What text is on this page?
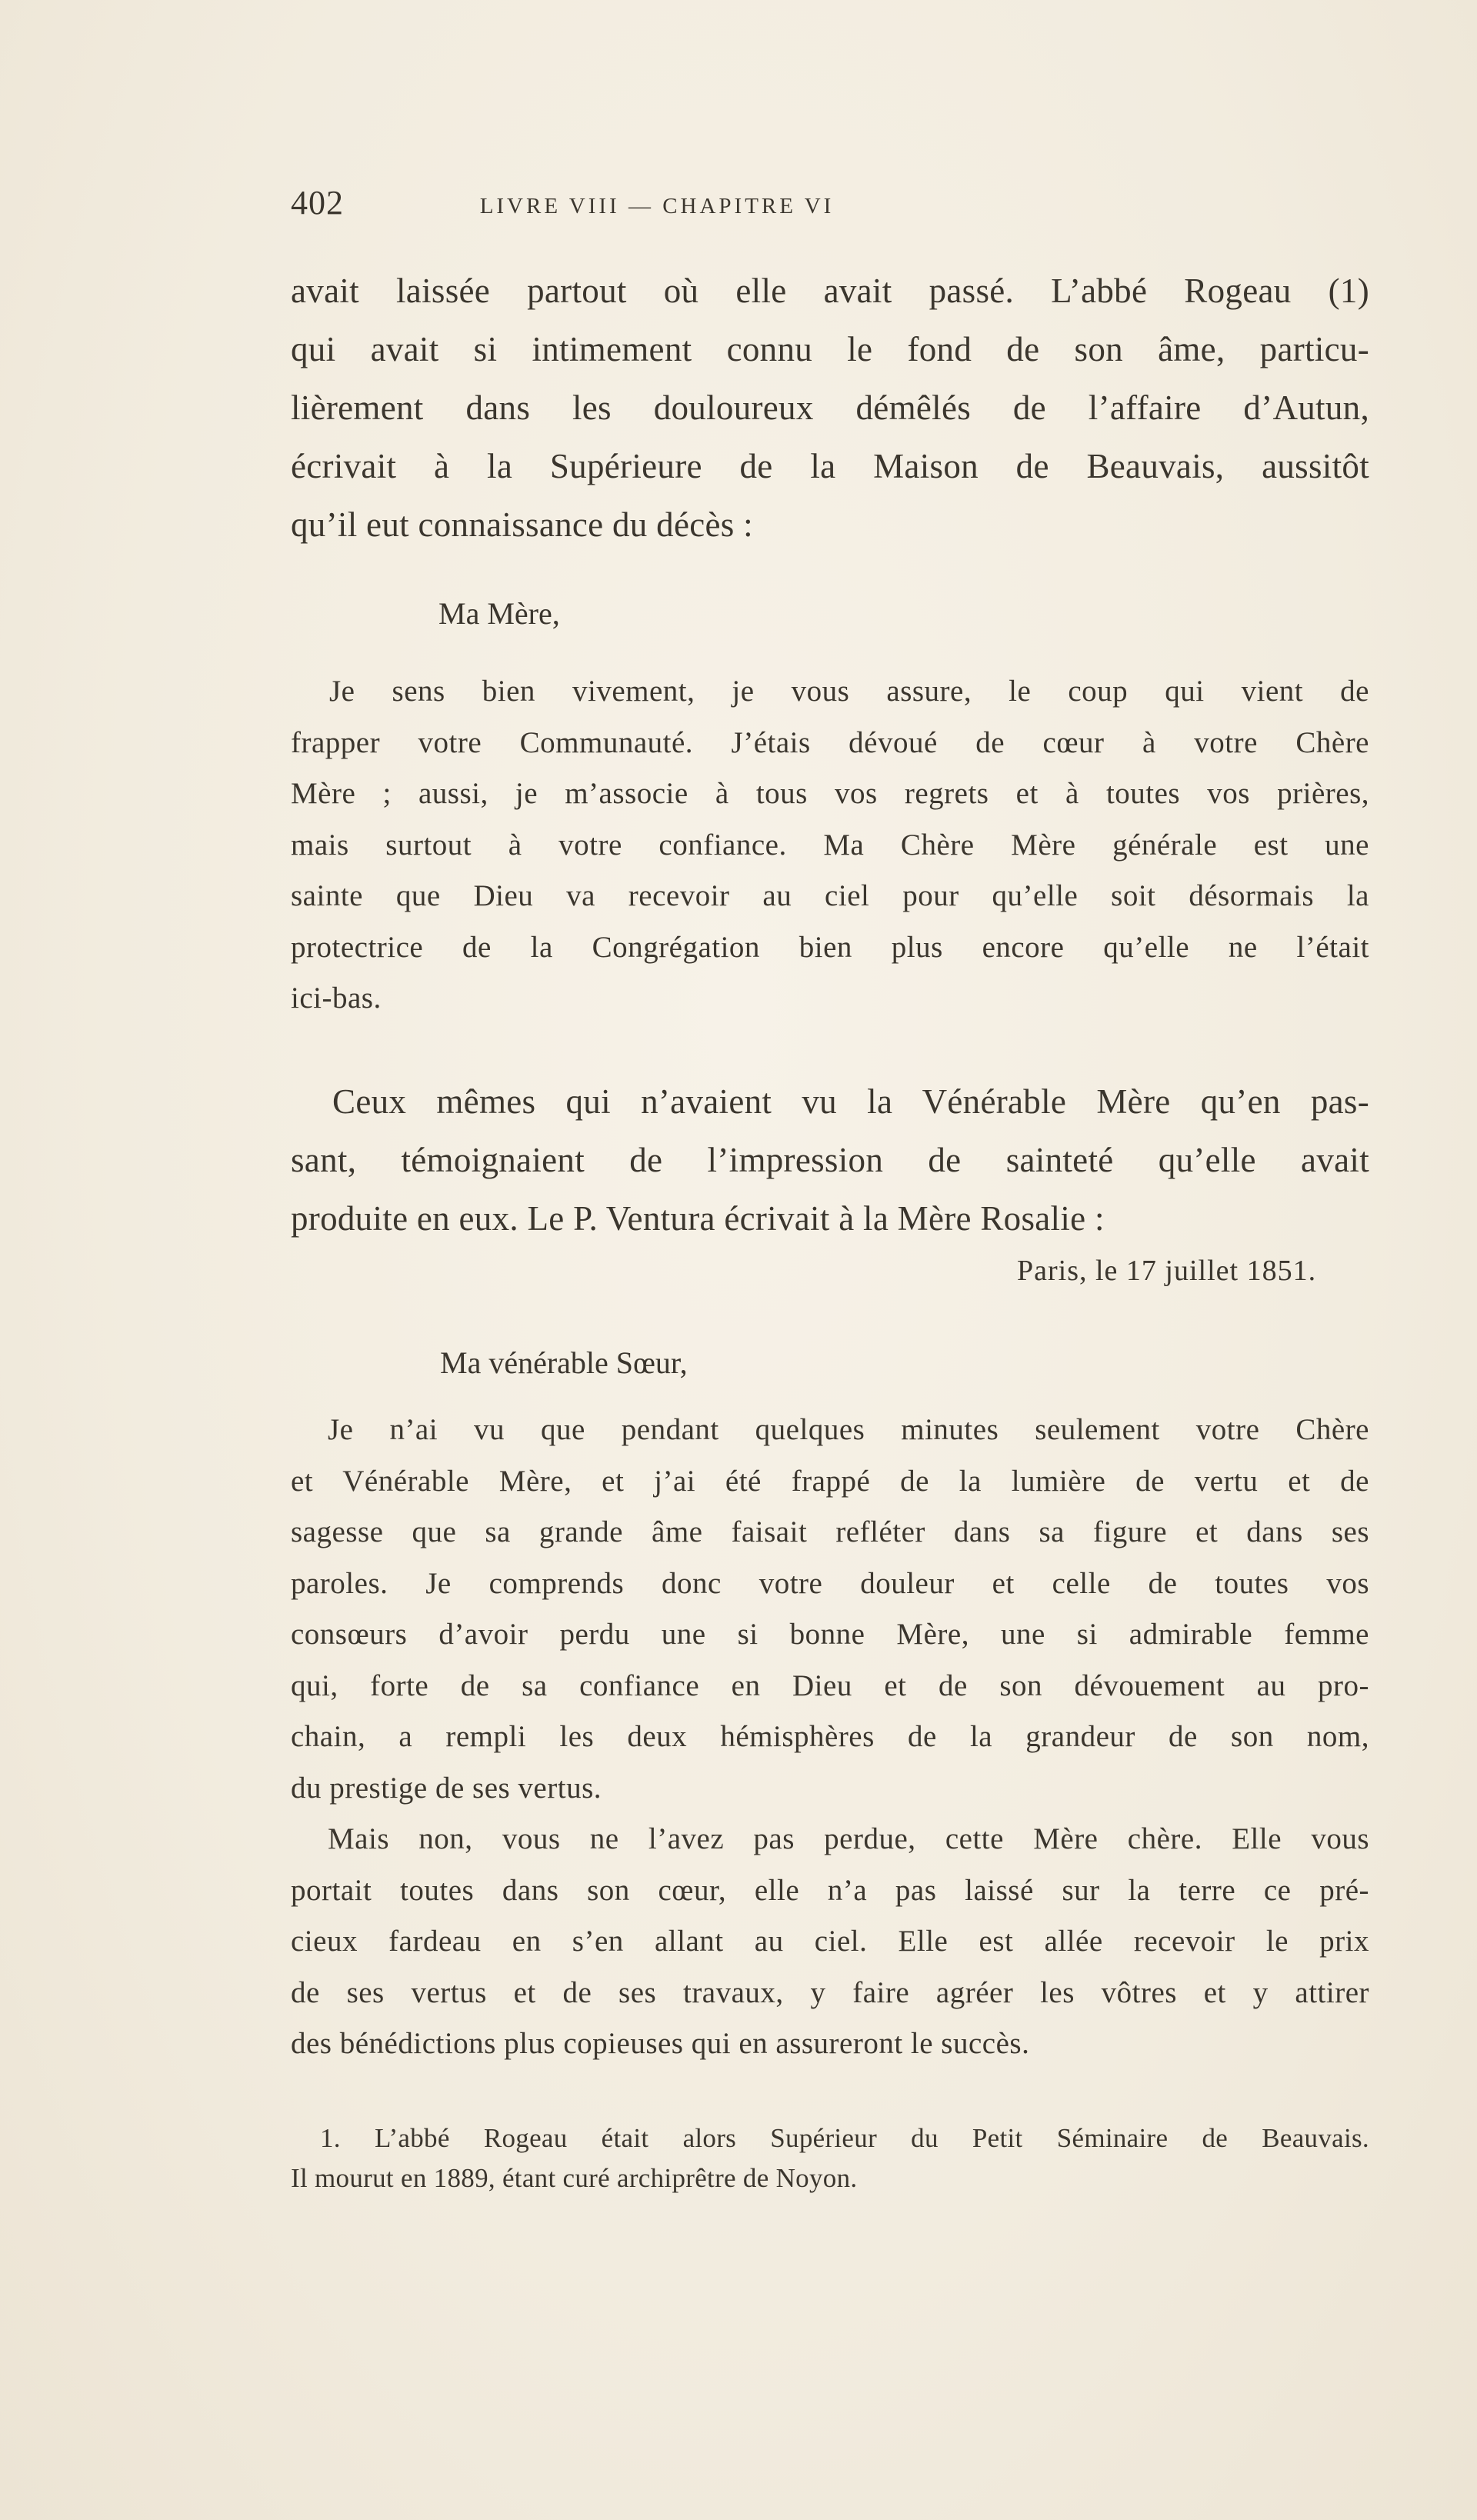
402	LIVRE VIII — CHAPITRE VI
avait laissée partout où elle avait passé. L’abbé Rogeau (1)
qui avait si intimement connu le fond de son âme, particu-
lièrement dans les douloureux démêlés de l’affaire d’Autun,
écrivait à la Supérieure de la Maison de Beauvais, aussitôt
qu’il eut connaissance du décès :
Ma Mère,
Je sens bien vivement, je vous assure, le coup qui vient de
frapper votre Communauté. J’étais dévoué de cœur à votre Chère
Mère ; aussi, je m’associe à tous vos regrets et à toutes vos prières,
mais surtout à votre confiance. Ma Chère Mère générale est une
sainte que Dieu va recevoir au ciel pour qu’elle soit désormais la
protectrice de la Congrégation bien plus encore qu’elle ne l’était
ici-bas.
Ceux mêmes qui n’avaient vu la Vénérable Mère qu’en pas-
sant, témoignaient de l’impression de sainteté qu’elle avait
produite en eux. Le P. Ventura écrivait à la Mère Rosalie :
Paris, le 17 juillet 1851.
Ma vénérable Sœur,
Je n’ai vu que pendant quelques minutes seulement votre Chère
et Vénérable Mère, et j’ai été frappé de la lumière de vertu et de
sagesse que sa grande âme faisait refléter dans sa figure et dans ses
paroles. Je comprends donc votre douleur et celle de toutes vos
consœurs d’avoir perdu une si bonne Mère, une si admirable femme
qui, forte de sa confiance en Dieu et de son dévouement au pro-
chain, a rempli les deux hémisphères de la grandeur de son nom,
du prestige de ses vertus.
Mais non, vous ne l’avez pas perdue, cette Mère chère. Elle vous
portait toutes dans son cœur, elle n’a pas laissé sur la terre ce pré-
cieux fardeau en s’en allant au ciel. Elle est allée recevoir le prix
de ses vertus et de ses travaux, y faire agréer les vôtres et y attirer
des bénédictions plus copieuses qui en assureront le succès.
1. L’abbé Rogeau était alors Supérieur du Petit Séminaire de Beauvais.
Il mourut en 1889, étant curé archiprêtre de Noyon.
